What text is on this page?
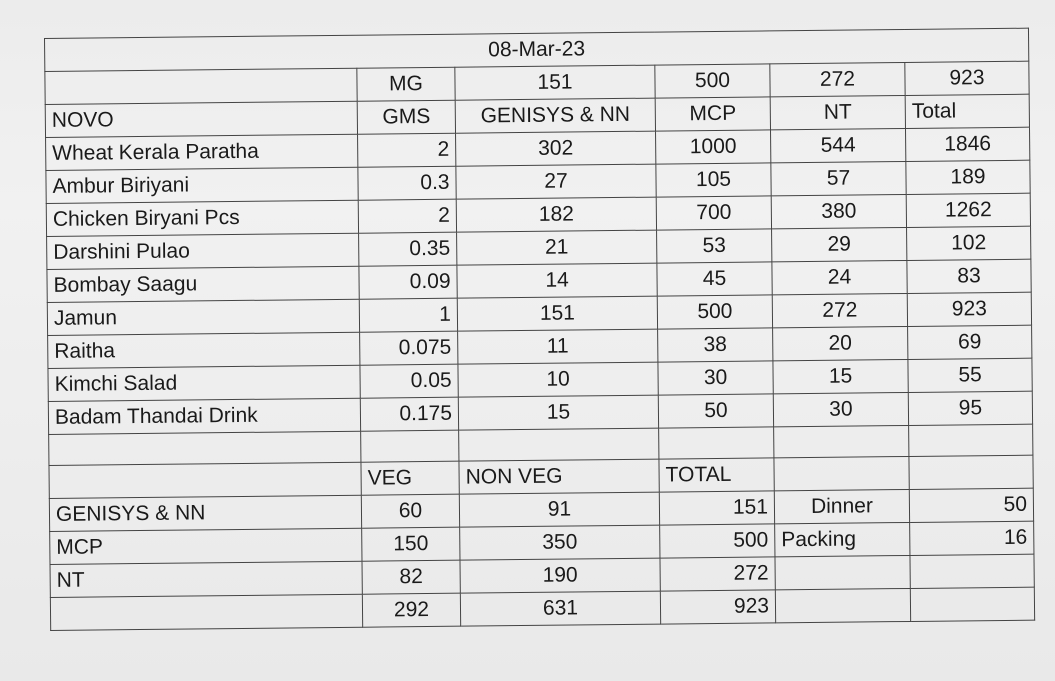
08-Mar-23					
	MG	151	500	272	923
NOVO	GMS	GENISYS & NN	MCP	NT	Total
Wheat Kerala Paratha	2	302	1000	544	1846
Ambur Biriyani	0.3	27	105	57	189
Chicken Biryani Pcs	2	182	700	380	1262
Darshini Pulao	0.35	21	53	29	102
Bombay Saagu	0.09	14	45	24	83
Jamun	1	151	500	272	923
Raitha	0.075	11	38	20	69
Kimchi Salad	0.05	10	30	15	55
Badam Thandai Drink	0.175	15	50	30	95

	VEG	NON VEG	TOTAL		
GENISYS & NN	60	91	151	Dinner	50
MCP	150	350	500	Packing	16
NT	82	190	272		
	292	631	923		
